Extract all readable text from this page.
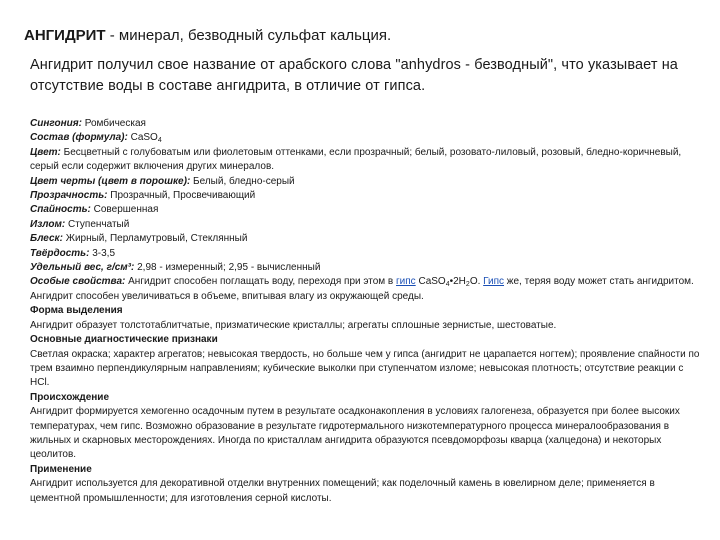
АНГИДРИТ - минерал, безводный сульфат кальция.
Ангидрит получил свое название от арабского слова "anhydros - безводный", что указывает на отсутствие воды в составе ангидрита, в отличие от гипса.

Сингония: Ромбическая

Состав (формула): CaSO$_4$

Цвет: Бесцветный с голубоватым или фиолетовым оттенками, если прозрачный; белый, розовато-лиловый, розовый, бледно-коричневый, серый если содержит включения других минералов.

Цвет черты (цвет в порошке): Белый, бледно-серый

Прозрачность: Прозрачный, Просвечивающий

Спайность: Совершенная

Излом: Ступенчатый

Блеск: Жирный, Перламутровый, Стеклянный

Твёрдость: 3-3,5

Удельный вес, г/см³: 2,98 - измеренный; 2,95 - вычисленный

Особые свойства: Ангидрит способен поглащать воду, переходя при этом в гипс $CaSO_4•2H_2O$. Гипс же, теряя воду может стать ангидритом. Ангидрит способен увеличиваться в объеме, впитывая влагу из окружающей среды.

Форма выделения

Ангидрит образует толстотаблитчатые, призматические кристаллы; агрегаты сплошные зернистые, шестоватые.

Основные диагностические признаки

Светлая окраска; характер агрегатов; невысокая твердость, но больше чем у гипса (ангидрит не царапается ногтем); проявление спайности по трем взаимно перпендикулярным направлениям; кубические выколки при ступенчатом изломе; невысокая плотность; отсутствие реакции с HCl.

Происхождение

Ангидрит формируется хемогенно осадочным путем в результате осадконакопления в условиях галогенеза, образуется при более высоких температурах, чем гипс. Возможно образование в результате гидротермального низкотемпературного процесса минералообразования в жильных и скарновых месторождениях. Иногда по кристаллам ангидрита образуются псевдоморфозы кварца (халцедона) и некоторых цеолитов.

Применение

Ангидрит используется для декоративной отделки внутренних помещений; как поделочный камень в ювелирном деле; применяется в цементной промышленности; для изготовления серной кислоты.
